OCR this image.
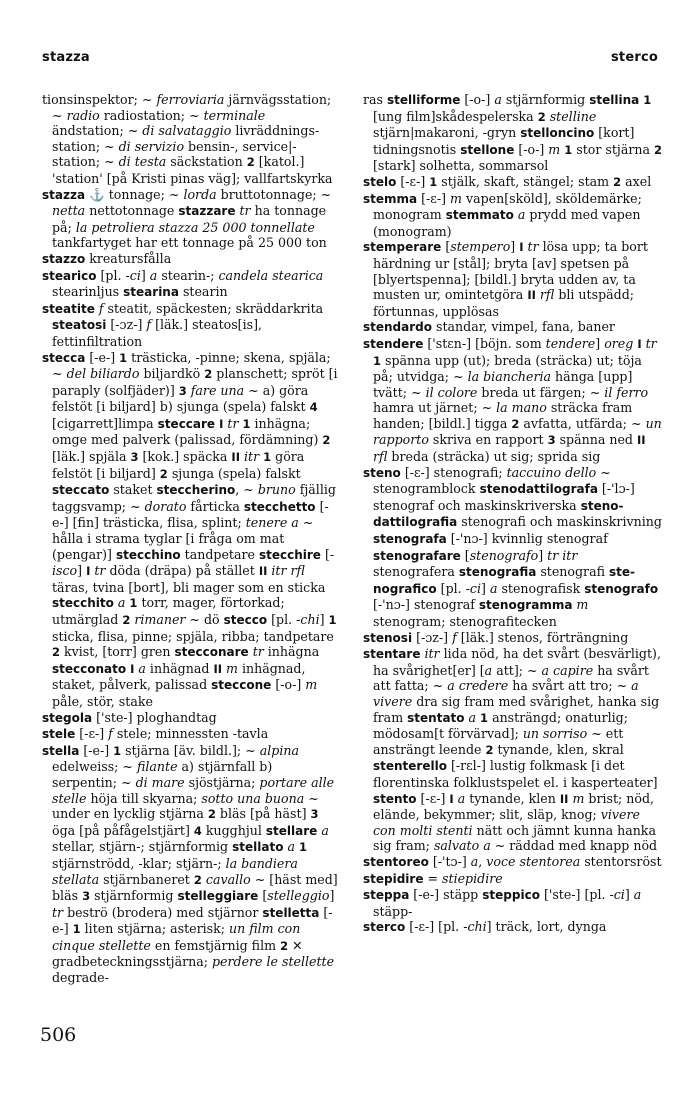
stazza	sterco

tionsinspektor; ~ ferroviaria järnvägsstation; ~ radio radiostation; ~ terminale ändstation; ~ di salvataggio livräddningsstation; ~ di servizio bensin-, service|station; ~ di testa säckstation 2 [katol.] 'station' [på Kristi pinas väg]; vallfartskyrka

stazza ⚓ tonnage; ~ lorda bruttotonnage; ~ netta nettotonnage stazzare tr ha tonnage på; la petroliera stazza 25 000 tonnellate tankfartyget har ett tonnage på 25 000 ton

stazzo kreatursfålla

stearico [pl. -ci] a stearin-; candela stearica stearinljus stearina stearin

steatite f steatit, späckesten; skräddarkrita steatosi [-ɔz-] f [läk.] steatos[is], fettinfiltration

stecca [-e-] 1 trästicka, -pinne; skena, spjäla; ~ del biliardo biljardkö 2 planschett; spröt [i paraply (solfjäder)] 3 fare una ~ a) göra felstöt [i biljard] b) sjunga (spela) falskt 4 [cigarrett]limpa steccare I tr 1 inhägna; omge med palverk (palissad, fördämning) 2 [läk.] spjäla 3 [kok.] späcka II itr 1 göra felstöt [i biljard] 2 sjunga (spela) falskt steccato staket steccherino, ~ bruno fjällig taggsvamp; ~ dorato fårticka stecchetto [-e-] [fin] trästicka, flisa, splint; tenere a ~ hålla i strama tyglar [i fråga om mat (pengar)] stecchino tandpetare stecchire [-isco] I tr döda (dräpa) på stället II itr rfl täras, tvina [bort], bli mager som en sticka stecchito a 1 torr, mager, förtorkad; utmärglad 2 rimaner ~ dö stecco [pl. -chi] 1 sticka, flisa, pinne; spjäla, ribba; tandpetare 2 kvist, [torr] gren stecconare tr inhägna stecconato I a inhägnad II m inhägnad, staket, pålverk, palissad steccone [-o-] m påle, stör, stake

stegola ['ste-] ploghandtag

stele [-ɛ-] f stele; minnessten -tavla

stella [-e-] 1 stjärna [äv. bildl.]; ~ alpina edelweiss; ~ filante a) stjärnfall b) serpentin; ~ di mare sjöstjärna; portare alle stelle höja till skyarna; sotto una buona ~ under en lycklig stjärna 2 bläs [på häst] 3 öga [på påfågelstjärt] 4 kugghjul stellare a stellar, stjärn-; stjärnformig stellato a 1 stjärnströdd, -klar; stjärn-; la bandiera stellata stjärnbaneret 2 cavallo ~ [häst med] bläs 3 stjärnformig stelleggiare [stelleggio] tr beströ (broderа) med stjärnor stelletta [-e-] 1 liten stjärna; asterisk; un film con cinque stellette en femstjärnig film 2 ✕ gradbeteckningsstjärna; perdere le stellette degrade-

ras stelliforme [-o-] a stjärnformig stellina 1 [ung film]skådespelerska 2 stelline stjärn|makaroni, -gryn stelloncino [kort] tidningsnotis stellone [-o-] m 1 stor stjärna 2 [stark] solhetta, sommarsol

stelo [-ɛ-] 1 stjälk, skaft, stängel; stam 2 axel

stemma [-ɛ-] m vapen[sköld], sköldemärke; monogram stemmato a prydd med vapen (monogram)

stemperare [stempero] I tr lösa upp; ta bort härdning ur [stål]; bryta [av] spetsen på [blyertspenna]; [bildl.] bryta udden av, ta musten ur, omintetgöra II rfl bli utspädd; förtunnas, upplösas

stendardo standar, vimpel, fana, baner

stendere ['stɛn-] [böjn. som tendere] oreg I tr 1 spänna upp (ut); breda (sträcka) ut; töja på; utvidga; ~ la biancheria hänga [upp] tvätt; ~ il colore breda ut färgen; ~ il ferro hamra ut järnet; ~ la mano sträcka fram handen; [bildl.] tigga 2 avfatta, utfärda; ~ un rapporto skriva en rapport 3 spänna ned II rfl breda (sträcka) ut sig; sprida sig

steno [-ɛ-] stenografi; taccuino dello ~ stenogramblock stenodattilografa [-'lɔ-] stenograf och maskinskriverska stenodattilografia stenografi och maskinskrivning stenografa [-'nɔ-] kvinnlig stenograf stenografare [stenografo] tr itr stenografera stenografia stenografi stenografico [pl. -ci] a stenografisk stenografo [-'nɔ-] stenograf stenogramma m stenogram; stenografitecken

stenosi [-ɔz-] f [läk.] stenos, förträngning

stentare itr lida nöd, ha det svårt (besvärligt), ha svårighet[er] [a att]; ~ a capire ha svårt att fatta; ~ a credere ha svårt att tro; ~ a vivere dra sig fram med svårighet, hanka sig fram stentato a 1 ansträngd; onaturlig; mödosam[t förvärvad]; un sorriso ~ ett ansträngt leende 2 tynande, klen, skral stenterello [-rɛl-] lustig folkmask [i det florentinska folklustspelet el. i kasperteater] stento [-ɛ-] I a tynande, klen II m brist; nöd, elände, bekymmer; slit, släp, knog; vivere con molti stenti nätt och jämnt kunna hanka sig fram; salvato a ~ räddad med knapp nöd

stentoreo [-'tɔ-] a, voce stentorea stentorsröst

stepidire = stiepidire

steppa [-e-] stäpp steppico ['ste-] [pl. -ci] a stäpp-

sterco [-ɛ-] [pl. -chi] träck, lort, dynga

506
